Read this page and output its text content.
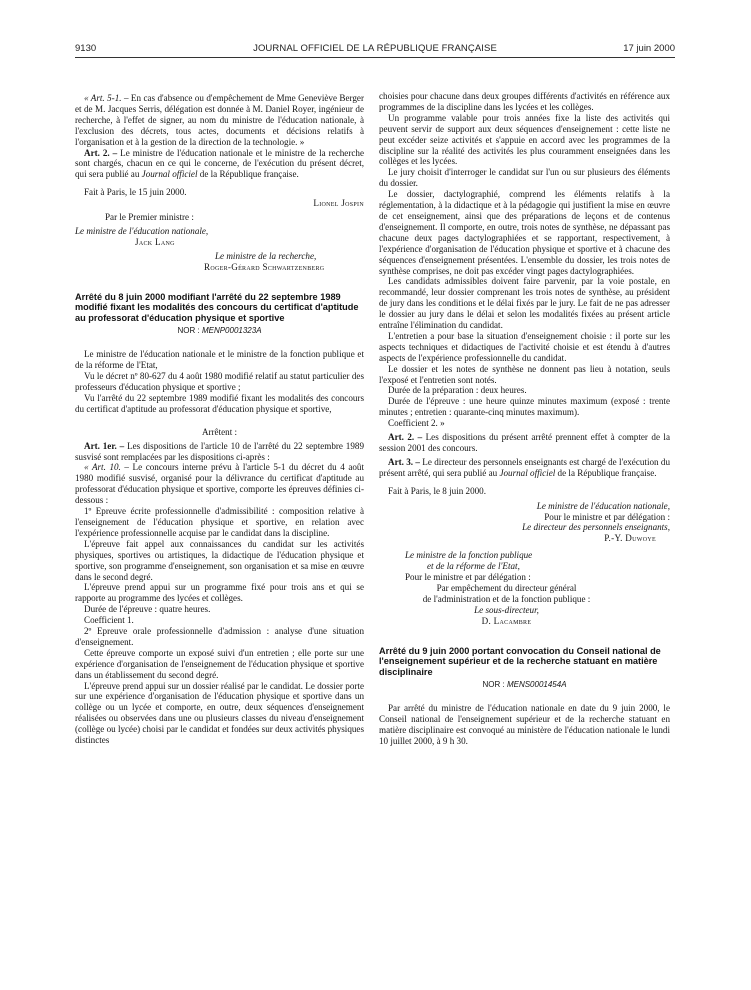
9130	JOURNAL OFFICIEL DE LA RÉPUBLIQUE FRANÇAISE	17 juin 2000

« Art. 5-1. – En cas d'absence ou d'empêchement de Mme Geneviève Berger et de M. Jacques Serris, délégation est donnée à M. Daniel Royer, ingénieur de recherche, à l'effet de signer, au nom du ministre de l'éducation nationale, à l'exclusion des décrets, tous actes, documents et décisions relatifs à l'organisation et à la gestion de la direction de la technologie. »

Art. 2. – Le ministre de l'éducation nationale et le ministre de la recherche sont chargés, chacun en ce qui le concerne, de l'exécution du présent décret, qui sera publié au Journal officiel de la République française.

Fait à Paris, le 15 juin 2000.

Lionel Jospin

Par le Premier ministre :

Le ministre de l'éducation nationale,

Jack Lang

Le ministre de la recherche,

Roger-Gérard Schwartzenberg

Arrêté du 8 juin 2000 modifiant l'arrêté du 22 septembre 1989 modifié fixant les modalités des concours du certificat d'aptitude au professorat d'éducation physique et sportive

NOR : MENP0001323A

Le ministre de l'éducation nationale et le ministre de la fonction publique et de la réforme de l'Etat,

Vu le décret nº 80-627 du 4 août 1980 modifié relatif au statut particulier des professeurs d'éducation physique et sportive ;

Vu l'arrêté du 22 septembre 1989 modifié fixant les modalités des concours du certificat d'aptitude au professorat d'éducation physique et sportive,

Arrêtent :

Art. 1er. – Les dispositions de l'article 10 de l'arrêté du 22 septembre 1989 susvisé sont remplacées par les dispositions ci-après :

« Art. 10. – Le concours interne prévu à l'article 5-1 du décret du 4 août 1980 modifié susvisé, organisé pour la délivrance du certificat d'aptitude au professorat d'éducation physique et sportive, comporte les épreuves définies ci-dessous :

1º Epreuve écrite professionnelle d'admissibilité : composition relative à l'enseignement de l'éducation physique et sportive, en relation avec l'expérience professionnelle acquise par le candidat dans la discipline.

L'épreuve fait appel aux connaissances du candidat sur les activités physiques, sportives ou artistiques, la didactique de l'éducation physique et sportive, son programme d'enseignement, son organisation et sa mise en œuvre dans le second degré.

L'épreuve prend appui sur un programme fixé pour trois ans et qui se rapporte au programme des lycées et collèges.

Durée de l'épreuve : quatre heures.

Coefficient 1.

2º Epreuve orale professionnelle d'admission : analyse d'une situation d'enseignement.

Cette épreuve comporte un exposé suivi d'un entretien ; elle porte sur une expérience d'organisation de l'enseignement de l'éducation physique et sportive dans un établissement du second degré.

L'épreuve prend appui sur un dossier réalisé par le candidat. Le dossier porte sur une expérience d'organisation de l'éducation physique et sportive dans un collège ou un lycée et comporte, en outre, deux séquences d'enseignement réalisées ou observées dans une ou plusieurs classes du niveau d'enseignement (collège ou lycée) choisi par le candidat et fondées sur deux activités physiques distinctes

choisies pour chacune dans deux groupes différents d'activités en référence aux programmes de la discipline dans les lycées et les collèges.

Un programme valable pour trois années fixe la liste des activités qui peuvent servir de support aux deux séquences d'enseignement : cette liste ne peut excéder seize activités et s'appuie en accord avec les programmes de la discipline sur la réalité des activités les plus couramment enseignées dans les collèges et les lycées.

Le jury choisit d'interroger le candidat sur l'un ou sur plusieurs des éléments du dossier.

Le dossier, dactylographié, comprend les éléments relatifs à la réglementation, à la didactique et à la pédagogie qui justifient la mise en œuvre de cet enseignement, ainsi que des préparations de leçons et de contenus d'enseignement. Il comporte, en outre, trois notes de synthèse, ne dépassant pas chacune deux pages dactylographiées et se rapportant, respectivement, à l'expérience d'organisation de l'éducation physique et sportive et à chacune des séquences d'enseignement présentées. L'ensemble du dossier, les trois notes de synthèse comprises, ne doit pas excéder vingt pages dactylographiées.

Les candidats admissibles doivent faire parvenir, par la voie postale, en recommandé, leur dossier comprenant les trois notes de synthèse, au président de jury dans les conditions et le délai fixés par le jury. Le fait de ne pas adresser le dossier au jury dans le délai et selon les modalités fixées au présent article entraîne l'élimination du candidat.

L'entretien a pour base la situation d'enseignement choisie : il porte sur les aspects techniques et didactiques de l'activité choisie et est étendu à d'autres aspects de l'expérience professionnelle du candidat.

Le dossier et les notes de synthèse ne donnent pas lieu à notation, seuls l'exposé et l'entretien sont notés.

Durée de la préparation : deux heures.

Durée de l'épreuve : une heure quinze minutes maximum (exposé : trente minutes ; entretien : quarante-cinq minutes maximum).

Coefficient 2. »

Art. 2. – Les dispositions du présent arrêté prennent effet à compter de la session 2001 des concours.

Art. 3. – Le directeur des personnels enseignants est chargé de l'exécution du présent arrêté, qui sera publié au Journal officiel de la République française.

Fait à Paris, le 8 juin 2000.

Le ministre de l'éducation nationale,

Pour le ministre et par délégation :

Le directeur des personnels enseignants,

P.-Y. Duwoye

Le ministre de la fonction publique

et de la réforme de l'Etat,

Pour le ministre et par délégation :

Par empêchement du directeur général

de l'administration et de la fonction publique :

Le sous-directeur,

D. Lacambre

Arrêté du 9 juin 2000 portant convocation du Conseil national de l'enseignement supérieur et de la recherche statuant en matière disciplinaire

NOR : MENS0001454A

Par arrêté du ministre de l'éducation nationale en date du 9 juin 2000, le Conseil national de l'enseignement supérieur et de la recherche statuant en matière disciplinaire est convoqué au ministère de l'éducation nationale le lundi 10 juillet 2000, à 9 h 30.
